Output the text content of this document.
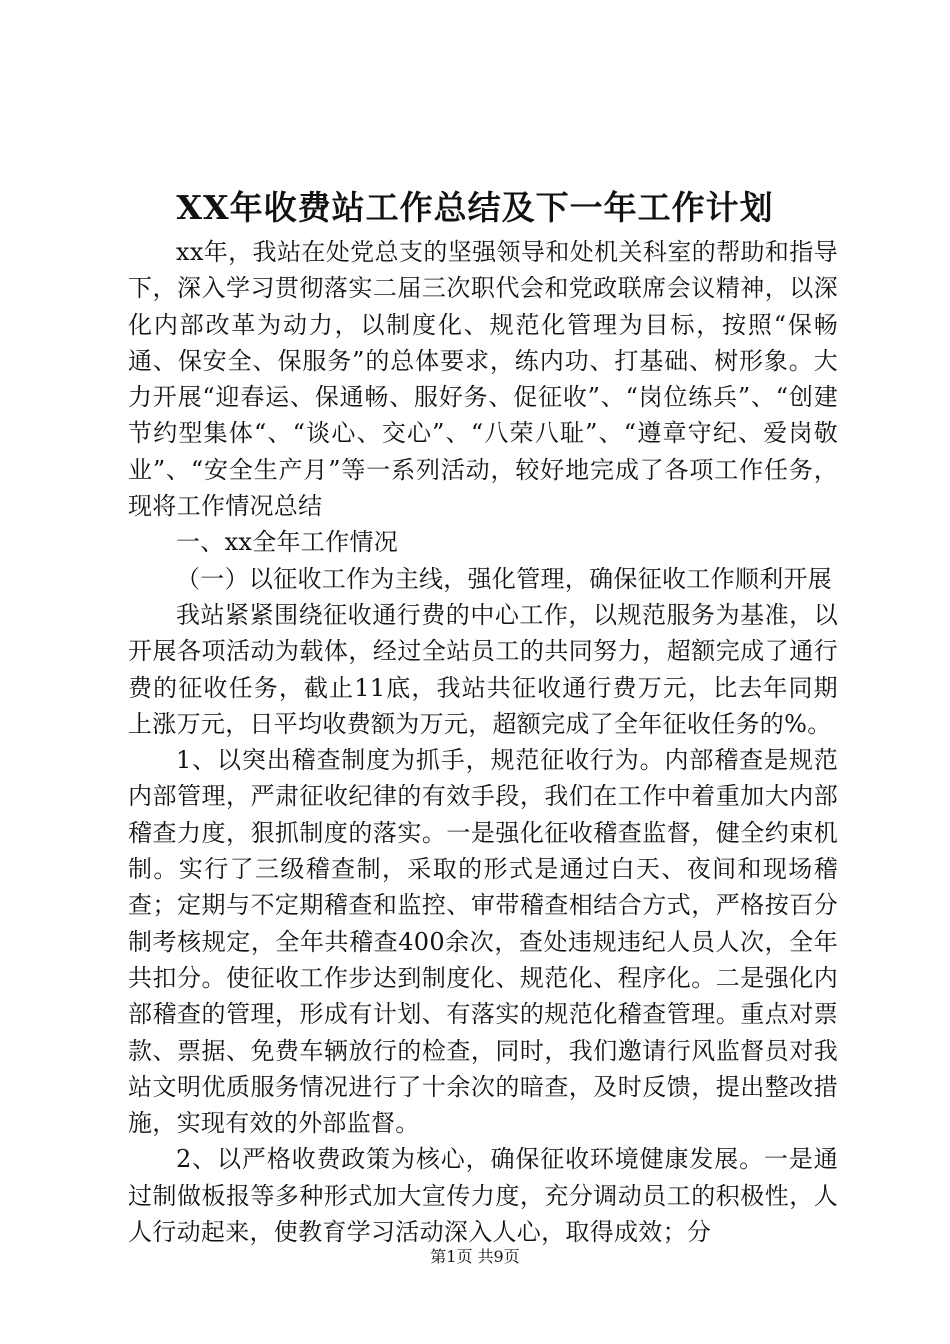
XX年收费站工作总结及下一年工作计划

xx年，我站在处党总支的坚强领导和处机关科室的帮助和指导下，深入学习贯彻落实二届三次职代会和党政联席会议精神，以深化内部改革为动力，以制度化、规范化管理为目标，按照“保畅通、保安全、保服务”的总体要求，练内功、打基础、树形象。大力开展“迎春运、保通畅、服好务、促征收”、“岗位练兵”、“创建节约型集体“、“谈心、交心”、“八荣八耻”、“遵章守纪、爱岗敬业”、“安全生产月”等一系列活动，较好地完成了各项工作任务，现将工作情况总结

一、xx全年工作情况

（一）以征收工作为主线，强化管理，确保征收工作顺利开展

我站紧紧围绕征收通行费的中心工作，以规范服务为基准，以开展各项活动为载体，经过全站员工的共同努力，超额完成了通行费的征收任务，截止11底，我站共征收通行费万元，比去年同期上涨万元，日平均收费额为万元，超额完成了全年征收任务的%。

1、以突出稽查制度为抓手，规范征收行为。内部稽查是规范内部管理，严肃征收纪律的有效手段，我们在工作中着重加大内部稽查力度，狠抓制度的落实。一是强化征收稽查监督，健全约束机制。实行了三级稽查制，采取的形式是通过白天、夜间和现场稽查；定期与不定期稽查和监控、审带稽查相结合方式，严格按百分制考核规定，全年共稽查400余次，查处违规违纪人员人次，全年共扣分。使征收工作步达到制度化、规范化、程序化。二是强化内部稽查的管理，形成有计划、有落实的规范化稽查管理。重点对票款、票据、免费车辆放行的检查，同时，我们邀请行风监督员对我站文明优质服务情况进行了十余次的暗查，及时反馈，提出整改措施，实现有效的外部监督。

2、以严格收费政策为核心，确保征收环境健康发展。一是通过制做板报等多种形式加大宣传力度，充分调动员工的积极性，人人行动起来，使教育学习活动深入人心，取得成效；分

第1页 共9页
